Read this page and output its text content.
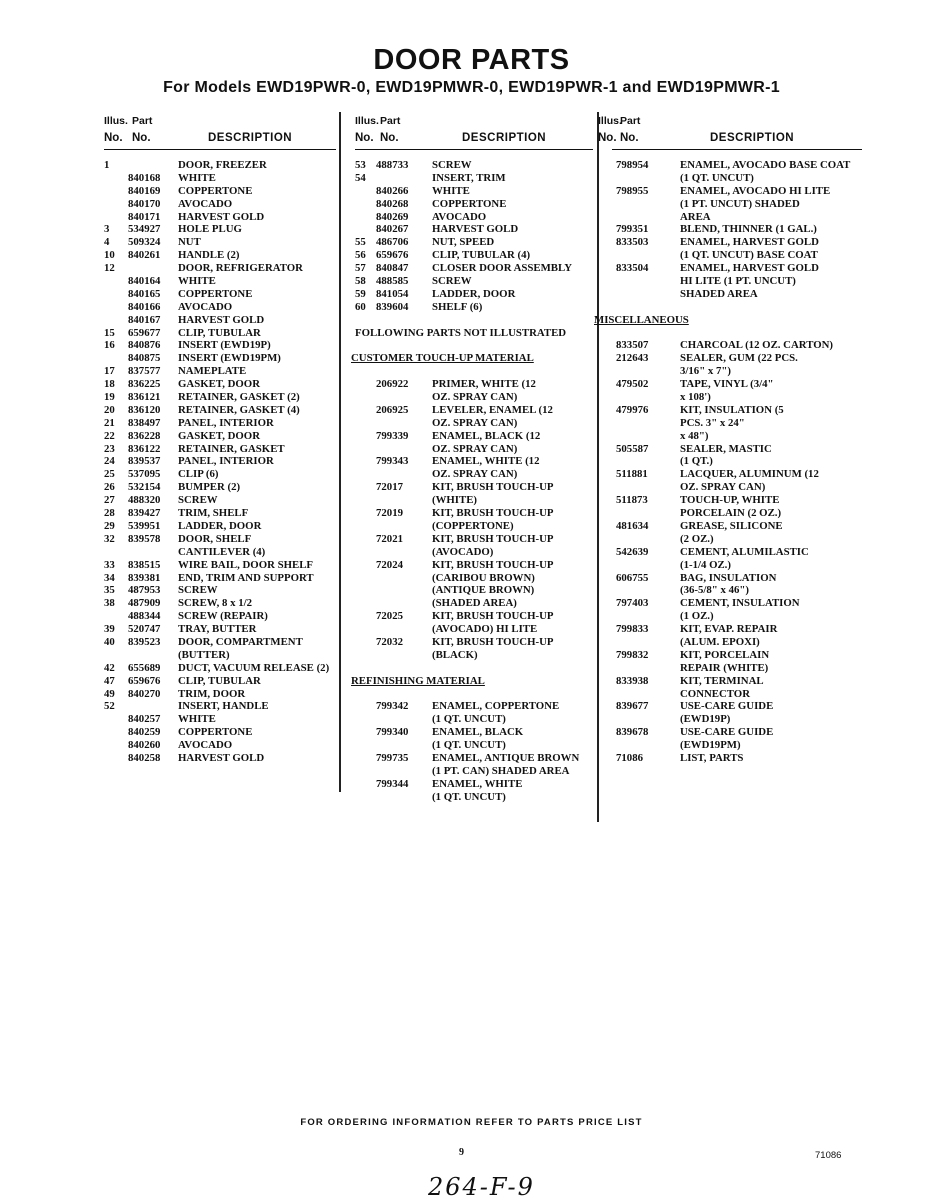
DOOR PARTS
For Models EWD19PWR-0, EWD19PMWR-0, EWD19PWR-1 and EWD19PMWR-1
Illus. Part
No. No.	DESCRIPTION
1	DOOR, FREEZER
840168 WHITE
840169 COPPERTONE
840170 AVOCADO
840171 HARVEST GOLD
3 534927 HOLE PLUG
4 509324 NUT
10 840261 HANDLE (2)
12	DOOR, REFRIGERATOR
840164 WHITE
840165 COPPERTONE
840166 AVOCADO
840167 HARVEST GOLD
15 659677 CLIP, TUBULAR
16 840876 INSERT (EWD19P)
840875 INSERT (EWD19PM)
17 837577 NAMEPLATE
18 836225 GASKET, DOOR
19 836121 RETAINER, GASKET (2)
20 836120 RETAINER, GASKET (4)
21 838497 PANEL, INTERIOR
22 836228 GASKET, DOOR
23 836122 RETAINER, GASKET
24 839537 PANEL, INTERIOR
25 537095 CLIP (6)
26 532154 BUMPER (2)
27 488320 SCREW
28 839427 TRIM, SHELF
29 539951 LADDER, DOOR
32 839578 DOOR, SHELF
CANTILEVER (4)
33 838515 WIRE BAIL, DOOR SHELF
34 839381 END, TRIM AND SUPPORT
35 487953 SCREW
38 487909 SCREW, 8 x 1/2
488344 SCREW (REPAIR)
39 520747 TRAY, BUTTER
40 839523 DOOR, COMPARTMENT
(BUTTER)
42 655689 DUCT, VACUUM RELEASE (2)
47 659676 CLIP, TUBULAR
49 840270 TRIM, DOOR
52	INSERT, HANDLE
840257 WHITE
840259 COPPERTONE
840260 AVOCADO
840258 HARVEST GOLD
Illus. Part
No. No.	DESCRIPTION
53 488733 SCREW
54	INSERT, TRIM
840266 WHITE
840268 COPPERTONE
840269 AVOCADO
840267 HARVEST GOLD
55 486706 NUT, SPEED
56 659676 CLIP, TUBULAR (4)
57 840847 CLOSER DOOR ASSEMBLY
58 488585 SCREW
59 841054 LADDER, DOOR
60 839604 SHELF (6)
FOLLOWING PARTS NOT ILLUSTRATED
CUSTOMER TOUCH-UP MATERIAL
206922 PRIMER, WHITE (12
OZ. SPRAY CAN)
206925 LEVELER, ENAMEL (12
OZ. SPRAY CAN)
799339 ENAMEL, BLACK (12
OZ. SPRAY CAN)
799343 ENAMEL, WHITE (12
OZ. SPRAY CAN)
72017	KIT, BRUSH TOUCH-UP
(WHITE)
72019	KIT, BRUSH TOUCH-UP
(COPPERTONE)
72021	KIT, BRUSH TOUCH-UP
(AVOCADO)
72024	KIT, BRUSH TOUCH-UP
(CARIBOU BROWN)
(ANTIQUE BROWN)
(SHADED AREA)
72025	KIT, BRUSH TOUCH-UP
(AVOCADO) HI LITE
72032	KIT, BRUSH TOUCH-UP
(BLACK)
REFINISHING MATERIAL
799342 ENAMEL, COPPERTONE
(1 QT. UNCUT)
799340 ENAMEL, BLACK
(1 QT. UNCUT)
799735 ENAMEL, ANTIQUE BROWN
(1 PT. CAN) SHADED AREA
799344 ENAMEL, WHITE
(1 QT. UNCUT)
Illus.
Part
No. No.	DESCRIPTION
798954	ENAMEL, AVOCADO BASE COAT
(1 QT. UNCUT)
798955	ENAMEL, AVOCADO HI LITE
(1 PT. UNCUT) SHADED
AREA
799351	BLEND, THINNER (1 GAL.)
833503	ENAMEL, HARVEST GOLD
(1 QT. UNCUT) BASE COAT
833504	ENAMEL, HARVEST GOLD
HI LITE (1 PT. UNCUT)
SHADED AREA
MISCELLANEOUS
833507	CHARCOAL (12 OZ. CARTON)
212643	SEALER, GUM (22 PCS.
3/16" x 7")
479502	TAPE, VINYL (3/4"
x 108')
479976	KIT, INSULATION (5
PCS. 3" x 24"
x 48")
505587	SEALER, MASTIC
(1 QT.)
511881	LACQUER, ALUMINUM (12
OZ. SPRAY CAN)
511873	TOUCH-UP, WHITE
PORCELAIN (2 OZ.)
481634	GREASE, SILICONE
(2 OZ.)
542639	CEMENT, ALUMILASTIC
(1-1/4 OZ.)
606755	BAG, INSULATION
(36-5/8" x 46")
797403	CEMENT, INSULATION
(1 OZ.)
799833	KIT, EVAP. REPAIR
(ALUM. EPOXI)
799832	KIT, PORCELAIN
REPAIR (WHITE)
833938	KIT, TERMINAL
CONNECTOR
839677	USE-CARE GUIDE
(EWD19P)
839678	USE-CARE GUIDE
(EWD19PM)
71086	LIST, PARTS
FOR ORDERING INFORMATION REFER TO PARTS PRICE LIST
9	71086
264-F-9
